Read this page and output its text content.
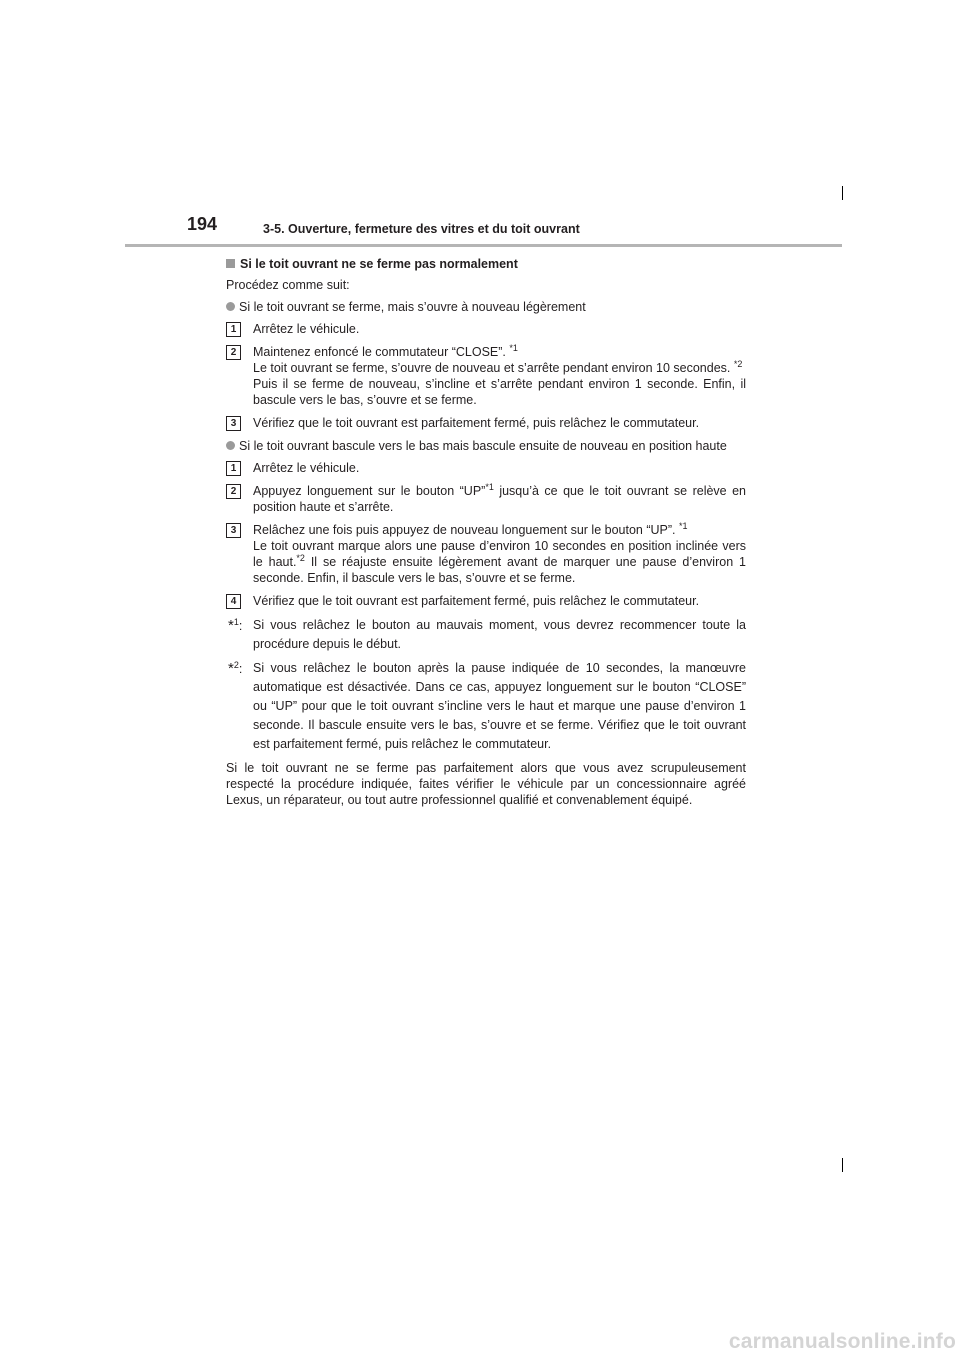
194	3-5. Ouverture, fermeture des vitres et du toit ouvrant
Si le toit ouvrant ne se ferme pas normalement

Procédez comme suit:

Si le toit ouvrant se ferme, mais s’ouvre à nouveau légèrement
1	Arrêtez le véhicule.
2	Maintenez enfoncé le commutateur “CLOSE”. $^{*1}$
Le toit ouvrant se ferme, s’ouvre de nouveau et s’arrête pendant environ 10 secondes. $^{*2}$
Puis il se ferme de nouveau, s’incline et s’arrête pendant environ 1 seconde. Enfin, il bascule vers le bas, s’ouvre et se ferme.
3	Vérifiez que le toit ouvrant est parfaitement fermé, puis relâchez le commutateur.
Si le toit ouvrant bascule vers le bas mais bascule ensuite de nouveau en position haute
1	Arrêtez le véhicule.
2	Appuyez longuement sur le bouton “UP”$^{*1}$ jusqu’à ce que le toit ouvrant se relève en position haute et s’arrête.
3	Relâchez une fois puis appuyez de nouveau longuement sur le bouton “UP”. $^{*1}$
Le toit ouvrant marque alors une pause d’environ 10 secondes en position inclinée vers le haut.$^{*2}$ Il se réajuste ensuite légèrement avant de marquer une pause d’environ 1 seconde. Enfin, il bascule vers le bas, s’ouvre et se ferme.
4	Vérifiez que le toit ouvrant est parfaitement fermé, puis relâchez le commutateur.
*$^1$: Si vous relâchez le bouton au mauvais moment, vous devrez recommencer toute la procédure depuis le début.
*$^2$: Si vous relâchez le bouton après la pause indiquée de 10 secondes, la manœuvre automatique est désactivée. Dans ce cas, appuyez longuement sur le bouton “CLOSE” ou “UP” pour que le toit ouvrant s’incline vers le haut et marque une pause d’environ 1 seconde. Il bascule ensuite vers le bas, s’ouvre et se ferme. Vérifiez que le toit ouvrant est parfaitement fermé, puis relâchez le commutateur.

Si le toit ouvrant ne se ferme pas parfaitement alors que vous avez scrupuleusement respecté la procédure indiquée, faites vérifier le véhicule par un concessionnaire agréé Lexus, un réparateur, ou tout autre professionnel qualifié et convenablement équipé.

carmanualsonline.info
